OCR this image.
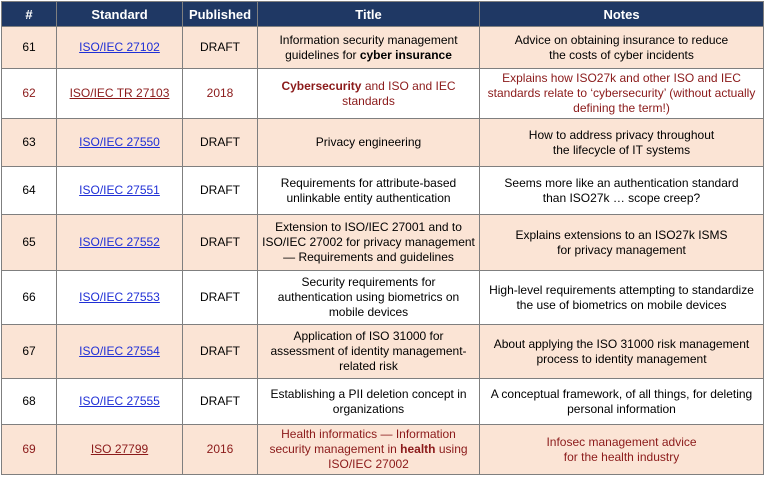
#	Standard	Published	Title	Notes
61	ISO/IEC 27102	DRAFT	Information security management
guidelines for cyber insurance	Advice on obtaining insurance to reduce
the costs of cyber incidents

62	ISO/IEC TR 27103	2018	Cybersecurity and ISO and IEC
standards	Explains how ISO27k and other ISO and IEC
standards relate to ‘cybersecurity’ (without actually
defining the term!)

63	ISO/IEC 27550	DRAFT	Privacy engineering	How to address privacy throughout
the lifecycle of IT systems

64	ISO/IEC 27551	DRAFT	Requirements for attribute-based
unlinkable entity authentication	Seems more like an authentication standard
than ISO27k … scope creep?

65	ISO/IEC 27552	DRAFT	Extension to ISO/IEC 27001 and to
ISO/IEC 27002 for privacy management
— Requirements and guidelines	Explains extensions to an ISO27k ISMS
for privacy management

66	ISO/IEC 27553	DRAFT	Security requirements for
authentication using biometrics on
mobile devices	High-level requirements attempting to standardize
the use of biometrics on mobile devices

67	ISO/IEC 27554	DRAFT	Application of ISO 31000 for
assessment of identity management-
related risk	About applying the ISO 31000 risk management
process to identity management

68	ISO/IEC 27555	DRAFT	Establishing a PII deletion concept in
organizations	A conceptual framework, of all things, for deleting
personal information

69	ISO 27799	2016	Health informatics — Information
security management in health using
ISO/IEC 27002	Infosec management advice
for the health industry
